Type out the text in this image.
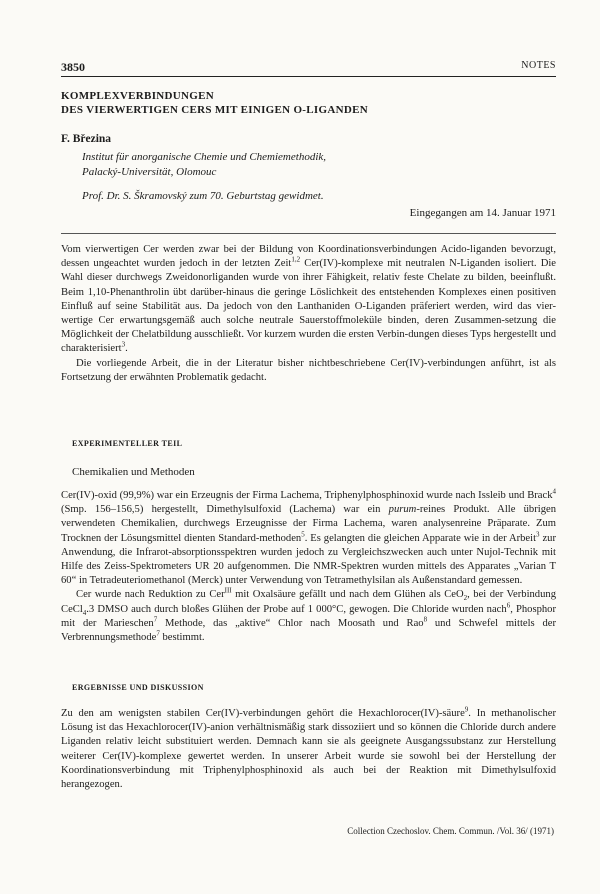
3850	NOTES
KOMPLEXVERBINDUNGEN
DES VIERWERTIGEN CERS MIT EINIGEN O-LIGANDEN
F. Březina
Institut für anorganische Chemie und Chemiemethodik,
Palacký-Universität, Olomouc
Prof. Dr. S. Škramovský zum 70. Geburtstag gewidmet.
Eingegangen am 14. Januar 1971

Vom vierwertigen Cer werden zwar bei der Bildung von Koordinationsverbindungen Acido-liganden bevorzugt, dessen ungeachtet wurden jedoch in der letzten Zeit$^{1,2}$ Cer(IV)-komplexe mit neutralen N-Liganden isoliert. Die Wahl dieser durchwegs Zweidonorliganden wurde von ihrer Fähigkeit, relativ feste Chelate zu bilden, beeinflußt. Beim 1,10-Phenanthrolin übt darüber-hinaus die geringe Löslichkeit des entstehenden Komplexes einen positiven Einfluß auf seine Stabilität aus. Da jedoch von den Lanthaniden O-Liganden präferiert werden, wird das vier-wertige Cer erwartungsgemäß auch solche neutrale Sauerstoffmoleküle binden, deren Zusammen-setzung die Möglichkeit der Chelatbildung ausschließt. Vor kurzem wurden die ersten Verbin-dungen dieses Typs hergestellt und charakterisiert$^3$.

Die vorliegende Arbeit, die in der Literatur bisher nichtbeschriebene Cer(IV)-verbindungen anführt, ist als Fortsetzung der erwähnten Problematik gedacht.

EXPERIMENTELLER TEIL
Chemikalien und Methoden

Cer(IV)-oxid (99,9%) war ein Erzeugnis der Firma Lachema, Triphenylphosphinoxid wurde nach Issleib und Brack$^4$ (Smp. 156–156,5) hergestellt, Dimethylsulfoxid (Lachema) war ein purum-reines Produkt. Alle übrigen verwendeten Chemikalien, durchwegs Erzeugnisse der Firma Lachema, waren analysenreine Präparate. Zum Trocknen der Lösungsmittel dienten Standard-methoden$^5$. Es gelangten die gleichen Apparate wie in der Arbeit$^3$ zur Anwendung, die Infrarot-absorptionsspektren wurden jedoch zu Vergleichszwecken auch unter Nujol-Technik mit Hilfe des Zeiss-Spektrometers UR 20 aufgenommen. Die NMR-Spektren wurden mittels des Apparates „Varian T 60“ in Tetradeuteriomethanol (Merck) unter Verwendung von Tetramethylsilan als Außenstandard gemessen.

Cer wurde nach Reduktion zu Cer$^{III}$ mit Oxalsäure gefällt und nach dem Glühen als CeO$_2$, bei der Verbindung CeCl$_4$.3 DMSO auch durch bloßes Glühen der Probe auf 1 000°C, gewogen. Die Chloride wurden nach$^6$, Phosphor mit der Marieschen$^7$ Methode, das „aktive“ Chlor nach Moosath und Rao$^8$ und Schwefel mittels der Verbrennungsmethode$^7$ bestimmt.

ERGEBNISSE UND DISKUSSION

Zu den am wenigsten stabilen Cer(IV)-verbindungen gehört die Hexachlorocer(IV)-säure$^9$. In methanolischer Lösung ist das Hexachlorocer(IV)-anion verhältnismäßig stark dissoziiert und so können die Chloride durch andere Liganden relativ leicht substituiert werden. Demnach kann sie als geeignete Ausgangssubstanz zur Herstellung weiterer Cer(IV)-komplexe gewertet werden. In unserer Arbeit wurde sie sowohl bei der Herstellung der Koordinationsverbindung mit Triphenylphosphinoxid als auch bei der Reaktion mit Dimethylsulfoxid herangezogen.

Collection Czechoslov. Chem. Commun. /Vol. 36/ (1971)
